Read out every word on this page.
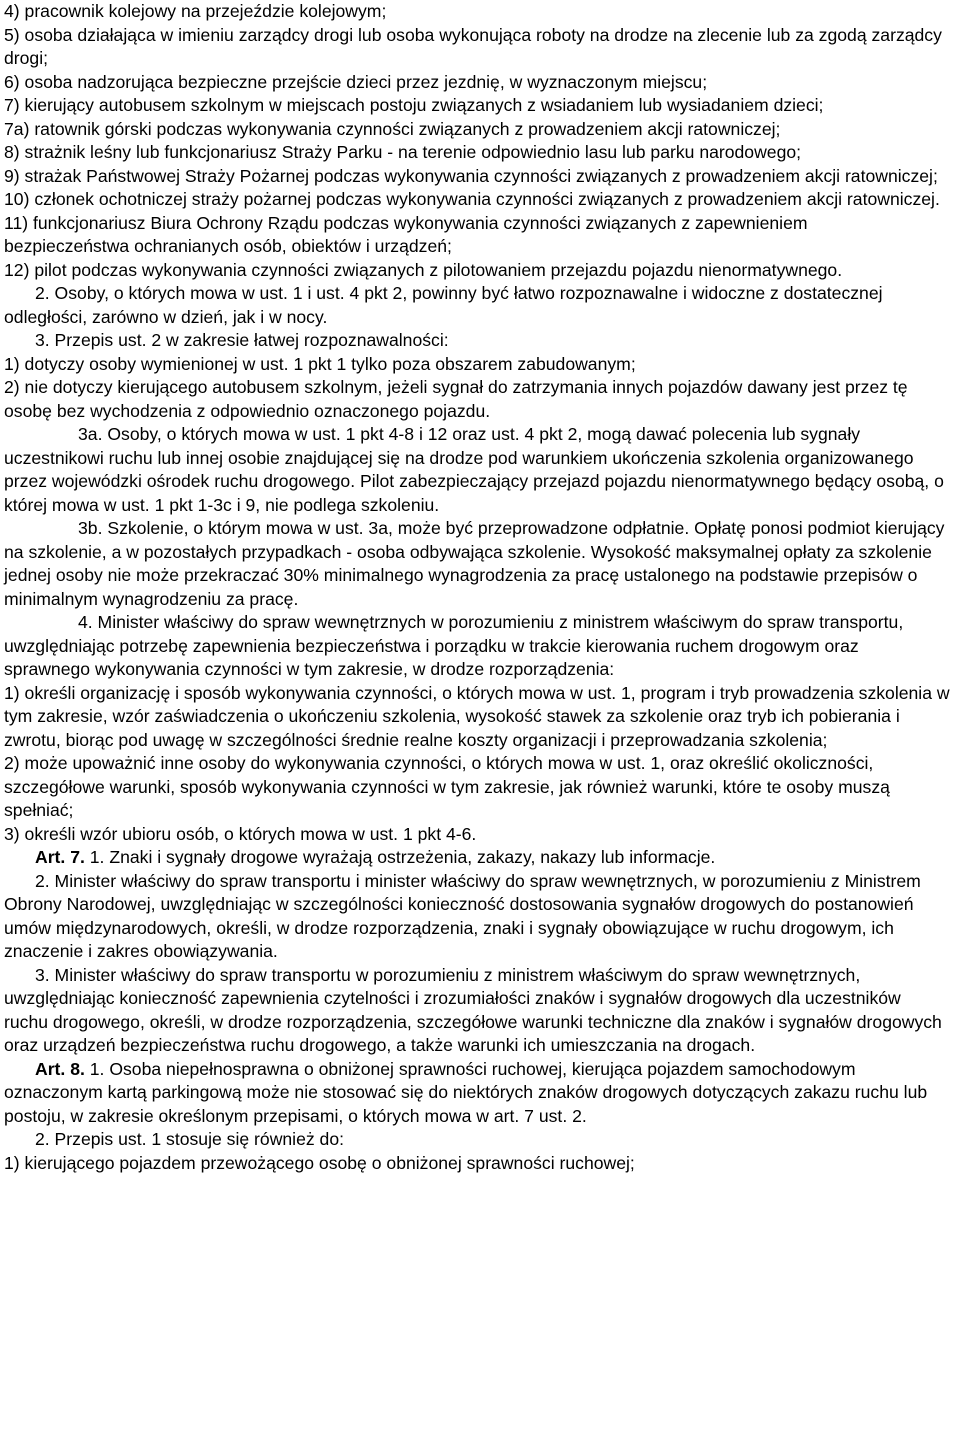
4) pracownik kolejowy na przejeździe kolejowym;

5) osoba działająca w imieniu zarządcy drogi lub osoba wykonująca roboty na drodze na zlecenie lub za zgodą zarządcy drogi;

6) osoba nadzorująca bezpieczne przejście dzieci przez jezdnię, w wyznaczonym miejscu;

7) kierujący autobusem szkolnym w miejscach postoju związanych z wsiadaniem lub wysiadaniem dzieci;

7a) ratownik górski podczas wykonywania czynności związanych z prowadzeniem akcji ratowniczej;

8) strażnik leśny lub funkcjonariusz Straży Parku - na terenie odpowiednio lasu lub parku narodowego;

9) strażak Państwowej Straży Pożarnej podczas wykonywania czynności związanych z prowadzeniem akcji ratowniczej;

10) członek ochotniczej straży pożarnej podczas wykonywania czynności związanych z prowadzeniem akcji ratowniczej.

11) funkcjonariusz Biura Ochrony Rządu podczas wykonywania czynności związanych z zapewnieniem bezpieczeństwa ochranianych osób, obiektów i urządzeń;

12) pilot podczas wykonywania czynności związanych z pilotowaniem przejazdu pojazdu nienormatywnego.

2. Osoby, o których mowa w ust. 1 i ust. 4 pkt 2, powinny być łatwo rozpoznawalne i widoczne z dostatecznej odległości, zarówno w dzień, jak i w nocy.

3. Przepis ust. 2 w zakresie łatwej rozpoznawalności:

1) dotyczy osoby wymienionej w ust. 1 pkt 1 tylko poza obszarem zabudowanym;

2) nie dotyczy kierującego autobusem szkolnym, jeżeli sygnał do zatrzymania innych pojazdów dawany jest przez tę osobę bez wychodzenia z odpowiednio oznaczonego pojazdu.

3a. Osoby, o których mowa w ust. 1 pkt 4-8 i 12 oraz ust. 4 pkt 2, mogą dawać polecenia lub sygnały uczestnikowi ruchu lub innej osobie znajdującej się na drodze pod warunkiem ukończenia szkolenia organizowanego przez wojewódzki ośrodek ruchu drogowego. Pilot zabezpieczający przejazd pojazdu nienormatywnego będący osobą, o której mowa w ust. 1 pkt 1-3c i 9, nie podlega szkoleniu.

3b. Szkolenie, o którym mowa w ust. 3a, może być przeprowadzone odpłatnie. Opłatę ponosi podmiot kierujący na szkolenie, a w pozostałych przypadkach - osoba odbywająca szkolenie. Wysokość maksymalnej opłaty za szkolenie jednej osoby nie może przekraczać 30% minimalnego wynagrodzenia za pracę ustalonego na podstawie przepisów o minimalnym wynagrodzeniu za pracę.

4. Minister właściwy do spraw wewnętrznych w porozumieniu z ministrem właściwym do spraw transportu, uwzględniając potrzebę zapewnienia bezpieczeństwa i porządku w trakcie kierowania ruchem drogowym oraz sprawnego wykonywania czynności w tym zakresie, w drodze rozporządzenia:

1) określi organizację i sposób wykonywania czynności, o których mowa w ust. 1, program i tryb prowadzenia szkolenia w tym zakresie, wzór zaświadczenia o ukończeniu szkolenia, wysokość stawek za szkolenie oraz tryb ich pobierania i zwrotu, biorąc pod uwagę w szczególności średnie realne koszty organizacji i przeprowadzania szkolenia;

2) może upoważnić inne osoby do wykonywania czynności, o których mowa w ust. 1, oraz określić okoliczności, szczegółowe warunki, sposób wykonywania czynności w tym zakresie, jak również warunki, które te osoby muszą spełniać;

3) określi wzór ubioru osób, o których mowa w ust. 1 pkt 4-6.

Art. 7. 1. Znaki i sygnały drogowe wyrażają ostrzeżenia, zakazy, nakazy lub informacje.

2. Minister właściwy do spraw transportu i minister właściwy do spraw wewnętrznych, w porozumieniu z Ministrem Obrony Narodowej, uwzględniając w szczególności konieczność dostosowania sygnałów drogowych do postanowień umów międzynarodowych, określi, w drodze rozporządzenia, znaki i sygnały obowiązujące w ruchu drogowym, ich znaczenie i zakres obowiązywania.

3. Minister właściwy do spraw transportu w porozumieniu z ministrem właściwym do spraw wewnętrznych, uwzględniając konieczność zapewnienia czytelności i zrozumiałości znaków i sygnałów drogowych dla uczestników ruchu drogowego, określi, w drodze rozporządzenia, szczegółowe warunki techniczne dla znaków i sygnałów drogowych oraz urządzeń bezpieczeństwa ruchu drogowego, a także warunki ich umieszczania na drogach.

Art. 8. 1. Osoba niepełnosprawna o obniżonej sprawności ruchowej, kierująca pojazdem samochodowym oznaczonym kartą parkingową może nie stosować się do niektórych znaków drogowych dotyczących zakazu ruchu lub postoju, w zakresie określonym przepisami, o których mowa w art. 7 ust. 2.

2. Przepis ust. 1 stosuje się również do:

1) kierującego pojazdem przewożącego osobę o obniżonej sprawności ruchowej;
